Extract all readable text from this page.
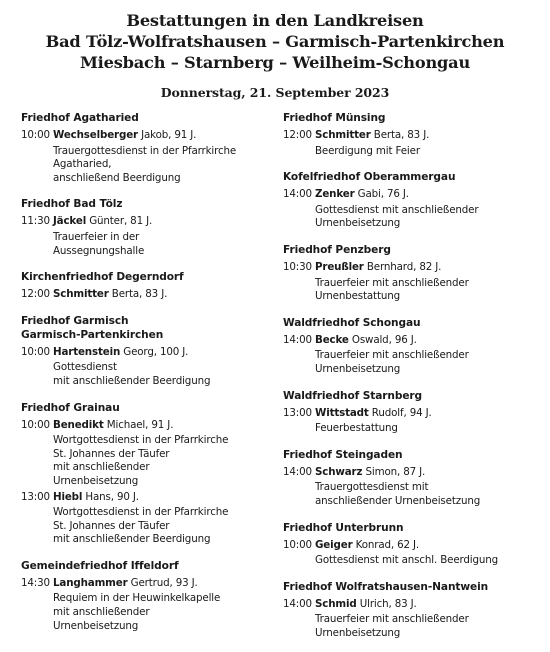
Bestattungen in den Landkreisen
Bad Tölz-Wolfratshausen – Garmisch-Partenkirchen
Miesbach – Starnberg – Weilheim-Schongau
Donnerstag, 21. September 2023
Friedhof Agatharied
10:00 Wechselberger Jakob, 91 J.
Trauergottesdienst in der Pfarrkirche
Agatharied,
anschließend Beerdigung
Friedhof Bad Tölz
11:30 Jäckel Günter, 81 J.
Trauerfeier in der
Aussegnungshalle
Kirchenfriedhof Degerndorf
12:00 Schmitter Berta, 83 J.
Friedhof Garmisch
Garmisch-Partenkirchen
10:00 Hartenstein Georg, 100 J.
Gottesdienst
mit anschließender Beerdigung
Friedhof Grainau
10:00 Benedikt Michael, 91 J.
Wortgottesdienst in der Pfarrkirche
St. Johannes der Täufer
mit anschließender
Urnenbeisetzung
13:00 Hiebl Hans, 90 J.
Wortgottesdienst in der Pfarrkirche
St. Johannes der Täufer
mit anschließender Beerdigung
Gemeindefriedhof Iffeldorf
14:30 Langhammer Gertrud, 93 J.
Requiem in der Heuwinkelkapelle
mit anschließender
Urnenbeisetzung
Friedhof Münsing
12:00 Schmitter Berta, 83 J.
Beerdigung mit Feier
Kofelfriedhof Oberammergau
14:00 Zenker Gabi, 76 J.
Gottesdienst mit anschließender
Urnenbeisetzung
Friedhof Penzberg
10:30 Preußler Bernhard, 82 J.
Trauerfeier mit anschließender
Urnenbestattung
Waldfriedhof Schongau
14:00 Becke Oswald, 96 J.
Trauerfeier mit anschließender
Urnenbeisetzung
Waldfriedhof Starnberg
13:00 Wittstadt Rudolf, 94 J.
Feuerbestattung
Friedhof Steingaden
14:00 Schwarz Simon, 87 J.
Trauergottesdienst mit
anschließender Urnenbeisetzung
Friedhof Unterbrunn
10:00 Geiger Konrad, 62 J.
Gottesdienst mit anschl. Beerdigung
Friedhof Wolfratshausen-Nantwein
14:00 Schmid Ulrich, 83 J.
Trauerfeier mit anschließender
Urnenbeisetzung
